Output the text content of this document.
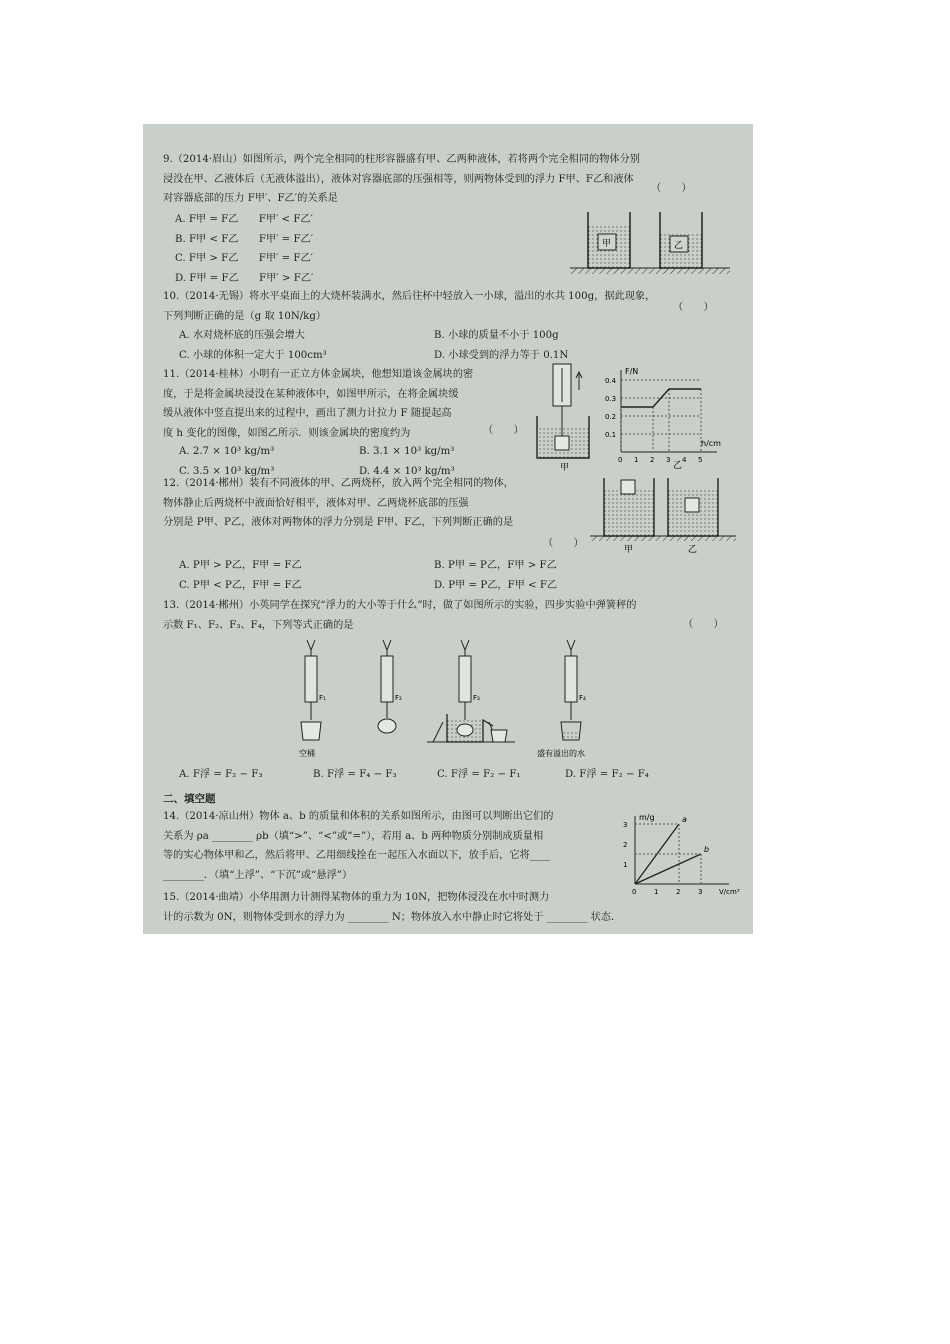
9.（2014·眉山）如图所示，两个完全相同的柱形容器盛有甲、乙两种液体，若将两个完全相同的物体分别
浸没在甲、乙液体后（无液体溢出），液体对容器底部的压强相等，则两物体受到的浮力 F甲、F乙和液体
对容器底部的压力 F甲′、F乙′的关系是
（　　）
A. F甲 = F乙　　F甲′ < F乙′
B. F甲 < F乙　　F甲′ = F乙′
C. F甲 > F乙　　F甲′ = F乙′
D. F甲 = F乙　　F甲′ > F乙′
甲	乙
10.（2014·无锡）将水平桌面上的大烧杯装满水，然后往杯中轻放入一小球，溢出的水共 100g，据此现象，
下列判断正确的是（g 取 10N/kg）
（　　）
A. 水对烧杯底的压强会增大	B. 小球的质量不小于 100g
C. 小球的体积一定大于 100cm³	D. 小球受到的浮力等于 0.1N
11.（2014·桂林）小明有一正立方体金属块，他想知道该金属块的密
度，于是将金属块浸没在某种液体中，如图甲所示，在将金属块缓
缓从液体中竖直提出来的过程中，画出了测力计拉力 F 随提起高
度 h 变化的图像，如图乙所示．则该金属块的密度约为	（　　）
A. 2.7 × 10³ kg/m³	B. 3.1 × 10³ kg/m³
C. 3.5 × 10³ kg/m³	D. 4.4 × 10³ kg/m³	甲
F/N
h/cm
乙
0 1 2 3 4 5
0.4
0.3
0.2
0.1
12.（2014·郴州）装有不同液体的甲、乙两烧杯，放入两个完全相同的物体，
物体静止后两烧杯中液面恰好相平，液体对甲、乙两烧杯底部的压强
分别是 P甲、P乙，液体对两物体的浮力分别是 F甲、F乙，下列判断正确的是
（　　）
A. P甲 > P乙，F甲 = F乙	B. P甲 = P乙，F甲 > F乙
C. P甲 < P乙，F甲 = F乙	D. P甲 = P乙，F甲 < F乙
甲	乙
13.（2014·郴州）小英同学在探究“浮力的大小等于什么”时，做了如图所示的实验，四步实验中弹簧秤的
示数 F₁、F₂、F₃、F₄，下列等式正确的是	（　　）
F₁
空桶
F₂	F₃	F₄
盛有溢出的水
A. F浮 = F₂ − F₃	B. F浮 = F₄ − F₃	C. F浮 = F₂ − F₁	D. F浮 = F₂ − F₄
二、填空题
14.（2014·凉山州）物体 a、b 的质量和体积的关系如图所示，由图可以判断出它们的
关系为 ρa ________ ρb（填“>”、“<”或“=”），若用 a、b 两种物质分别制成质量相
等的实心物体甲和乙，然后将甲、乙用细线拴在一起压入水面以下，放手后，它将____
________．（填“上浮”、“下沉”或“悬浮”）
m/g
V/cm³
0	1	2	3
3
2
1
a
b
15.（2014·曲靖）小华用测力计测得某物体的重力为 10N，把物体浸没在水中时测力
计的示数为 0N，则物体受到水的浮力为 ________ N；物体放入水中静止时它将处于 ________ 状态．
